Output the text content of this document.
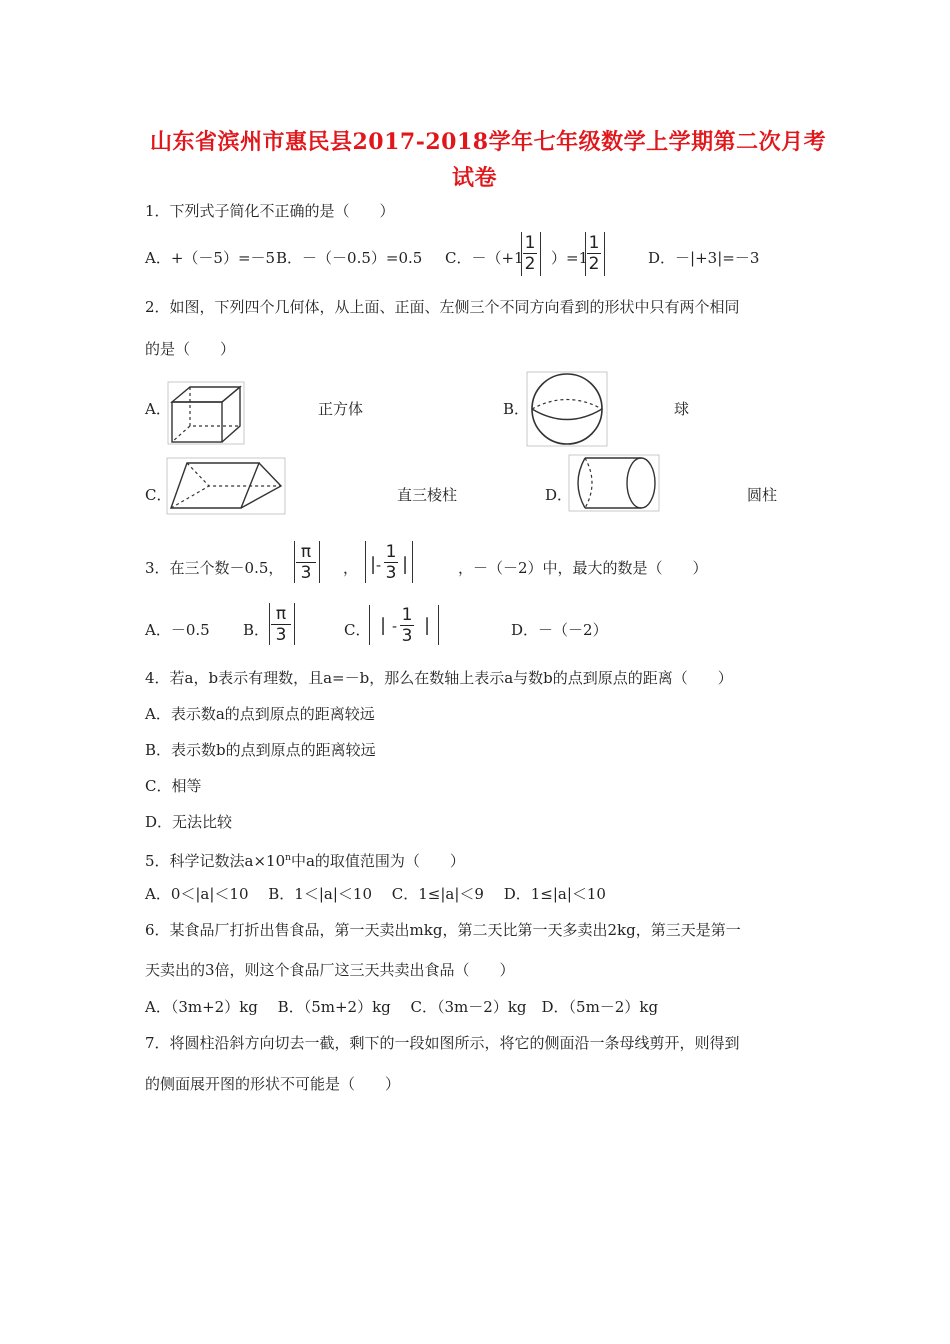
山东省滨州市惠民县2017-2018学年七年级数学上学期第二次月考
试卷
1．下列式子简化不正确的是（　　）
A．+（－5）=－5 B．－（－0.5）=0.5 C．－（+1
1
2 ）=1
1
2	D．－|+3|=－3
2．如图，下列四个几何体，从上面、正面、左侧三个不同方向看到的形状中只有两个相同
的是（　　）
A．	正方体	B．	球
C．	直三棱柱	D．	圆柱
3．在三个数－0.5，
π
3	， | -
1
3 |	，－（－2）中，最大的数是（　　）
A．－0.5 B．
π
3	C． | -
1
3 |	D．－（－2）
4．若a，b表示有理数，且a=－b，那么在数轴上表示a与数b的点到原点的距离（　　）
A．表示数a的点到原点的距离较远
B．表示数b的点到原点的距离较远
C．相等
D．无法比较
5．科学记数法$a\times 10^n$中a的取值范围为（　　）
A．0＜|a|＜10　 B．1＜|a|＜10　 C．1≤|a|＜9　 D．1≤|a|＜10
6．某食品厂打折出售食品，第一天卖出mkg，第二天比第一天多卖出2kg，第三天是第一
天卖出的3倍，则这个食品厂这三天共卖出食品（　　）
A．（3m+2）kg　 B．（5m+2）kg　 C．（3m－2）kg　D．（5m－2）kg
7．将圆柱沿斜方向切去一截，剩下的一段如图所示，将它的侧面沿一条母线剪开，则得到
的侧面展开图的形状不可能是（　　）
